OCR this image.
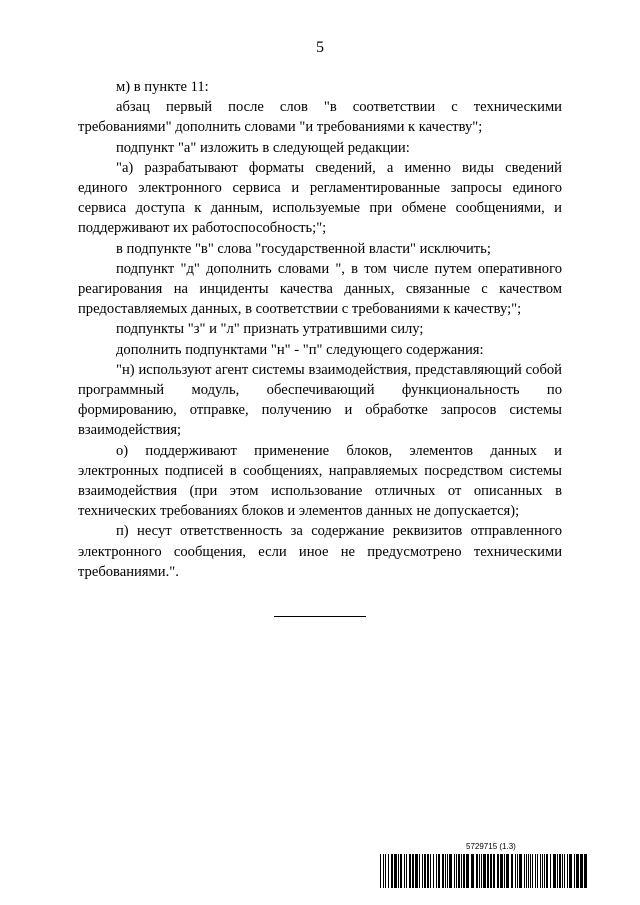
5

м) в пункте 11:

абзац первый после слов "в соответствии с техническими требованиями" дополнить словами "и требованиями к качеству";

подпункт "а" изложить в следующей редакции:

"а) разрабатывают форматы сведений, а именно виды сведений единого электронного сервиса и регламентированные запросы единого сервиса доступа к данным, используемые при обмене сообщениями, и поддерживают их работоспособность;";

в подпункте "в" слова "государственной власти" исключить;

подпункт "д" дополнить словами ", в том числе путем оперативного реагирования на инциденты качества данных, связанные с качеством предоставляемых данных, в соответствии с требованиями к качеству;";

подпункты "з" и "л" признать утратившими силу;

дополнить подпунктами "н" - "п" следующего содержания:

"н) используют агент системы взаимодействия, представляющий собой программный модуль, обеспечивающий функциональность по формированию, отправке, получению и обработке запросов системы взаимодействия;

о) поддерживают применение блоков, элементов данных и электронных подписей в сообщениях, направляемых посредством системы взаимодействия (при этом использование отличных от описанных в технических требованиях блоков и элементов данных не допускается);

п) несут ответственность за содержание реквизитов отправленного электронного сообщения, если иное не предусмотрено техническими требованиями.".

5729715 (1.3)
